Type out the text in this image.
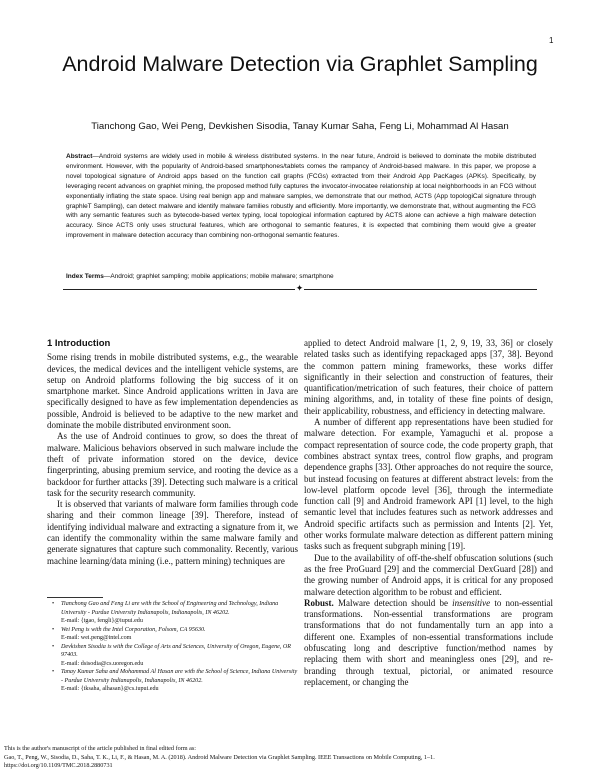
1
Android Malware Detection via Graphlet Sampling
Tianchong Gao, Wei Peng, Devkishen Sisodia, Tanay Kumar Saha, Feng Li, Mohammad Al Hasan
Abstract—Android systems are widely used in mobile & wireless distributed systems. In the near future, Android is believed to dominate the mobile distributed environment. However, with the popularity of Android-based smartphones/tablets comes the rampancy of Android-based malware. In this paper, we propose a novel topological signature of Android apps based on the function call graphs (FCGs) extracted from their Android App PacKages (APKs). Specifically, by leveraging recent advances on graphlet mining, the proposed method fully captures the invocator-invocatee relationship at local neighborhoods in an FCG without exponentially inflating the state space. Using real benign app and malware samples, we demonstrate that our method, ACTS (App topologiCal signature through graphleT Sampling), can detect malware and identify malware families robustly and efficiently. More importantly, we demonstrate that, without augmenting the FCG with any semantic features such as bytecode-based vertex typing, local topological information captured by ACTS alone can achieve a high malware detection accuracy. Since ACTS only uses structural features, which are orthogonal to semantic features, it is expected that combining them would give a greater improvement in malware detection accuracy than combining non-orthogonal semantic features.
Index Terms—Android; graphlet sampling; mobile applications; mobile malware; smartphone
✦

1 Introduction

Some rising trends in mobile distributed systems, e.g., the wearable devices, the medical devices and the intelligent vehicle systems, are setup on Android platforms following the big success of it on smartphone market. Since Android applications written in Java are specifically designed to have as few implementation dependencies as possible, Android is believed to be adaptive to the new market and dominate the mobile distributed environment soon.

As the use of Android continues to grow, so does the threat of malware. Malicious behaviors observed in such malware include the theft of private information stored on the device, device fingerprinting, abusing premium service, and rooting the device as a backdoor for further attacks [39]. Detecting such malware is a critical task for the security research community.

It is observed that variants of malware form families through code sharing and their common lineage [39]. Therefore, instead of identifying individual malware and extracting a signature from it, we can identify the commonality within the same malware family and generate signatures that capture such commonality. Recently, various machine learning/data mining (i.e., pattern mining) techniques are

• Tianchong Gao and Feng Li are with the School of Engineering and Technology, Indiana University - Purdue University Indianapolis, Indianapolis, IN 46202.
E-mail: {tgao, fengli}@iupui.edu
• Wei Peng is with the Intel Corporation, Folsom, CA 95630.
E-mail: wei.peng@intel.com
• Devkishen Sisodia is with the College of Arts and Sciences, University of Oregon, Eugene, OR 97403.
E-mail: dsisodia@cs.uoregon.edu
• Tanay Kumar Saha and Mohammad Al Hasan are with the School of Science, Indiana University - Purdue University Indianapolis, Indianapolis, IN 46202.
E-mail: {tksaha, alhasan}@cs.iupui.edu

applied to detect Android malware [1, 2, 9, 19, 33, 36] or closely related tasks such as identifying repackaged apps [37, 38]. Beyond the common pattern mining frameworks, these works differ significantly in their selection and construction of features, their quantification/metrication of such features, their choice of pattern mining algorithms, and, in totality of these fine points of design, their applicability, robustness, and efficiency in detecting malware.

A number of different app representations have been studied for malware detection. For example, Yamaguchi et al. propose a compact representation of source code, the code property graph, that combines abstract syntax trees, control flow graphs, and program dependence graphs [33]. Other approaches do not require the source, but instead focusing on features at different abstract levels: from the low-level platform opcode level [36], through the intermediate function call [9] and Android framework API [1] level, to the high semantic level that includes features such as network addresses and Android specific artifacts such as permission and Intents [2]. Yet, other works formulate malware detection as different pattern mining tasks such as frequent subgraph mining [19].

Due to the availability of off-the-shelf obfuscation solutions (such as the free ProGuard [29] and the commercial DexGuard [28]) and the growing number of Android apps, it is critical for any proposed malware detection algorithm to be robust and efficient.

Robust. Malware detection should be insensitive to non-essential transformations. Non-essential transformations are program transformations that do not fundamentally turn an app into a different one. Examples of non-essential transformations include obfuscating long and descriptive function/method names by replacing them with short and meaningless ones [29], and re-branding through textual, pictorial, or animated resource replacement, or changing the

This is the author's manuscript of the article published in final edited form as:
Gao, T., Peng, W., Sisodia, D., Saha, T. K., Li, F., & Hasan, M. A. (2018). Android Malware Detection via Graphlet Sampling. IEEE Transactions on Mobile Computing, 1–1.
https://doi.org/10.1109/TMC.2018.2880731
